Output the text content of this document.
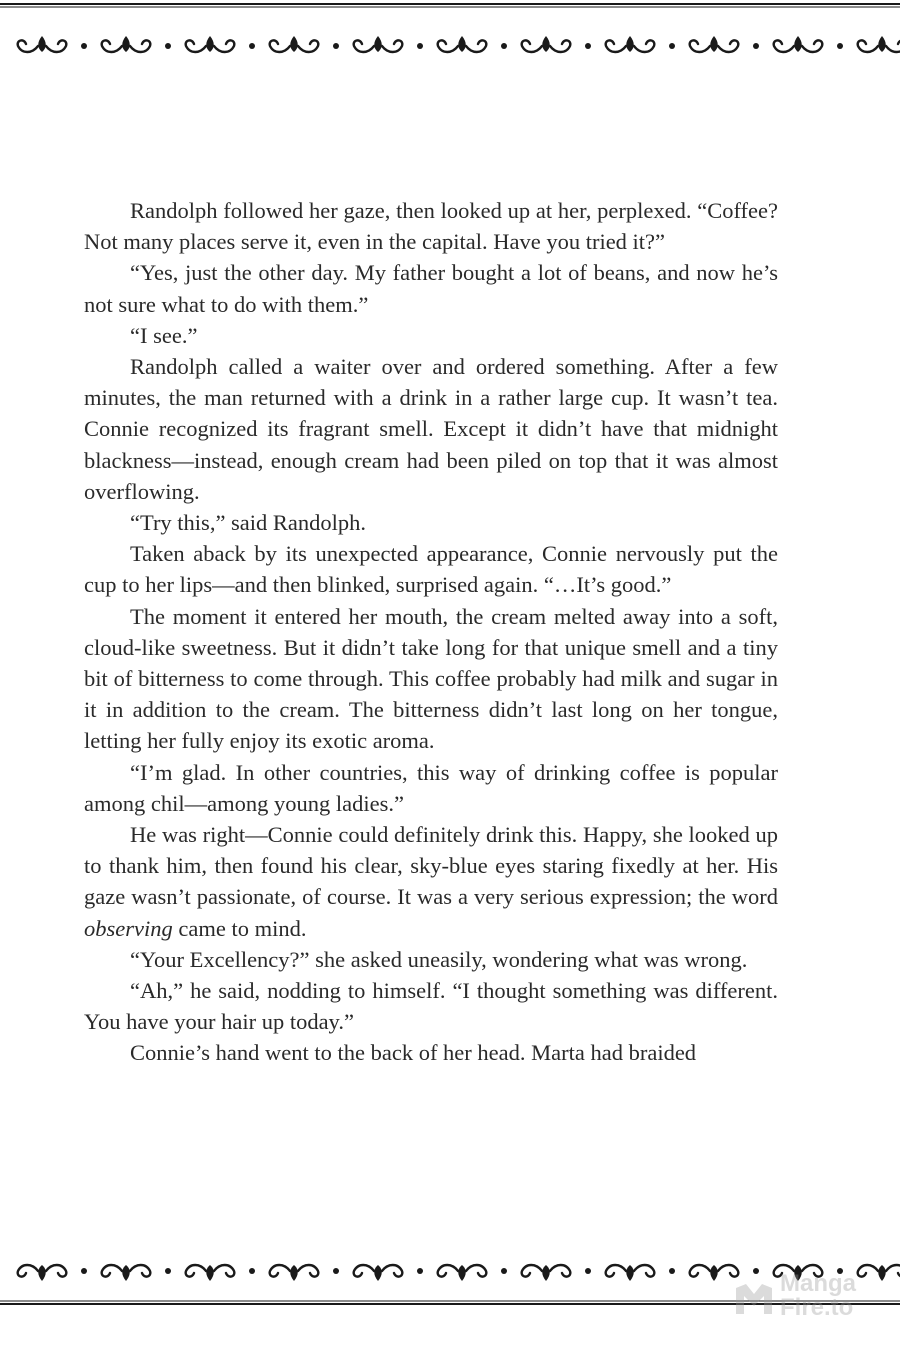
Randolph followed her gaze, then looked up at her, perplexed. “Coffee? Not many places serve it, even in the capital. Have you tried it?”

“Yes, just the other day. My father bought a lot of beans, and now he’s not sure what to do with them.”

“I see.”

Randolph called a waiter over and ordered something. After a few minutes, the man returned with a drink in a rather large cup. It wasn’t tea. Connie recognized its fragrant smell. Except it didn’t have that midnight blackness—instead, enough cream had been piled on top that it was almost overflowing.

“Try this,” said Randolph.

Taken aback by its unexpected appearance, Connie nervously put the cup to her lips—and then blinked, surprised again. “…It’s good.”

The moment it entered her mouth, the cream melted away into a soft, cloud-like sweetness. But it didn’t take long for that unique smell and a tiny bit of bitterness to come through. This coffee probably had milk and sugar in it in addition to the cream. The bitterness didn’t last long on her tongue, letting her fully enjoy its exotic aroma.

“I’m glad. In other countries, this way of drinking coffee is popular among chil—among young ladies.”

He was right—Connie could definitely drink this. Happy, she looked up to thank him, then found his clear, sky-blue eyes staring fixedly at her. His gaze wasn’t passionate, of course. It was a very serious expression; the word observing came to mind.

“Your Excellency?” she asked uneasily, wondering what was wrong.

“Ah,” he said, nodding to himself. “I thought something was different. You have your hair up today.”

Connie’s hand went to the back of her head. Marta had braided

Manga
Fire.to
